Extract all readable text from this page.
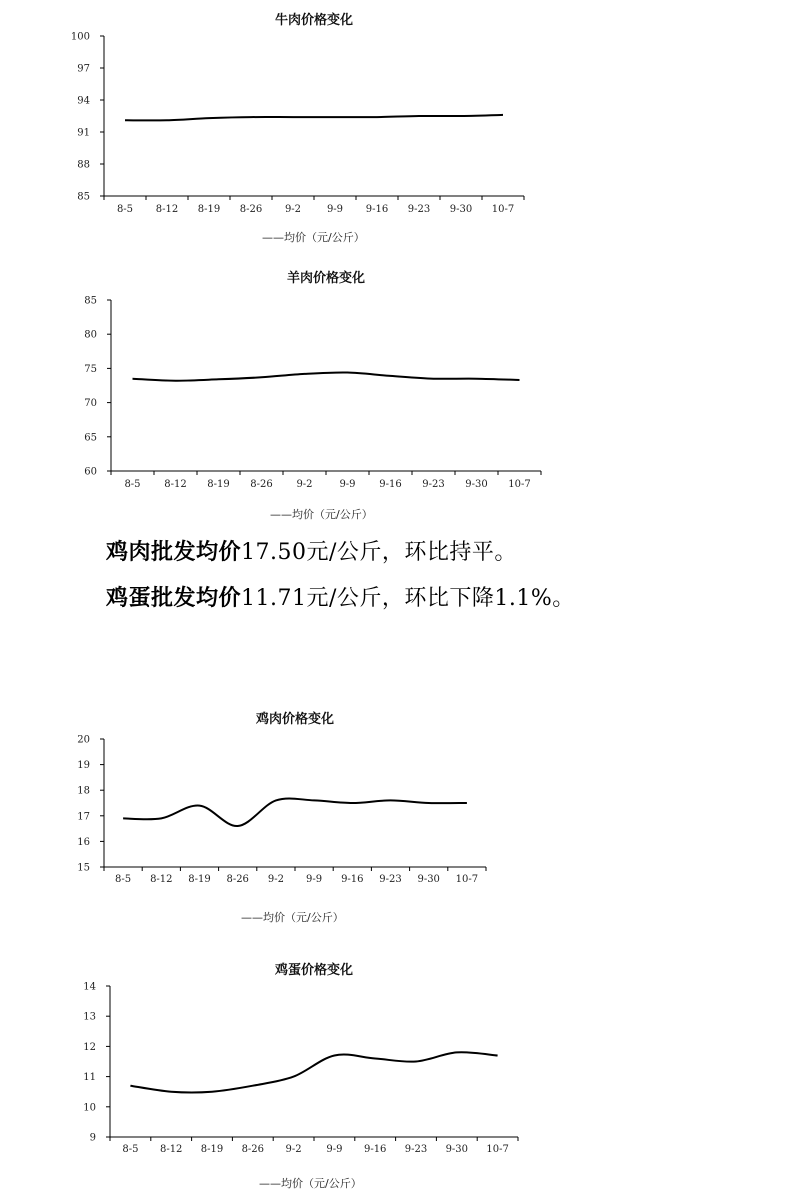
牛肉价格变化
85
88
91
94
97
100
8-5 8-12 8-19 8-26 9-2	9-9 9-16 9-23 9-30 10-7
——均价（元/公斤）
羊肉价格变化
60
65
70
75
80
85
8-5 8-12 8-19 8-26 9-2	9-9 9-16 9-23 9-30 10-7
——均价（元/公斤）
鸡肉批发均价17.50元/公斤，环比持平。
鸡蛋批发均价11.71元/公斤，环比下降1.1%。
鸡肉价格变化
15
16
17
18
19
20
8-5 8-12 8-19 8-26 9-2 9-9 9-16 9-23 9-30 10-7
——均价（元/公斤）
鸡蛋价格变化
9
10
11
12
13
14
8-5 8-12 8-19 8-26 9-2 9-9 9-16 9-23 9-30 10-7
——均价（元/公斤）
